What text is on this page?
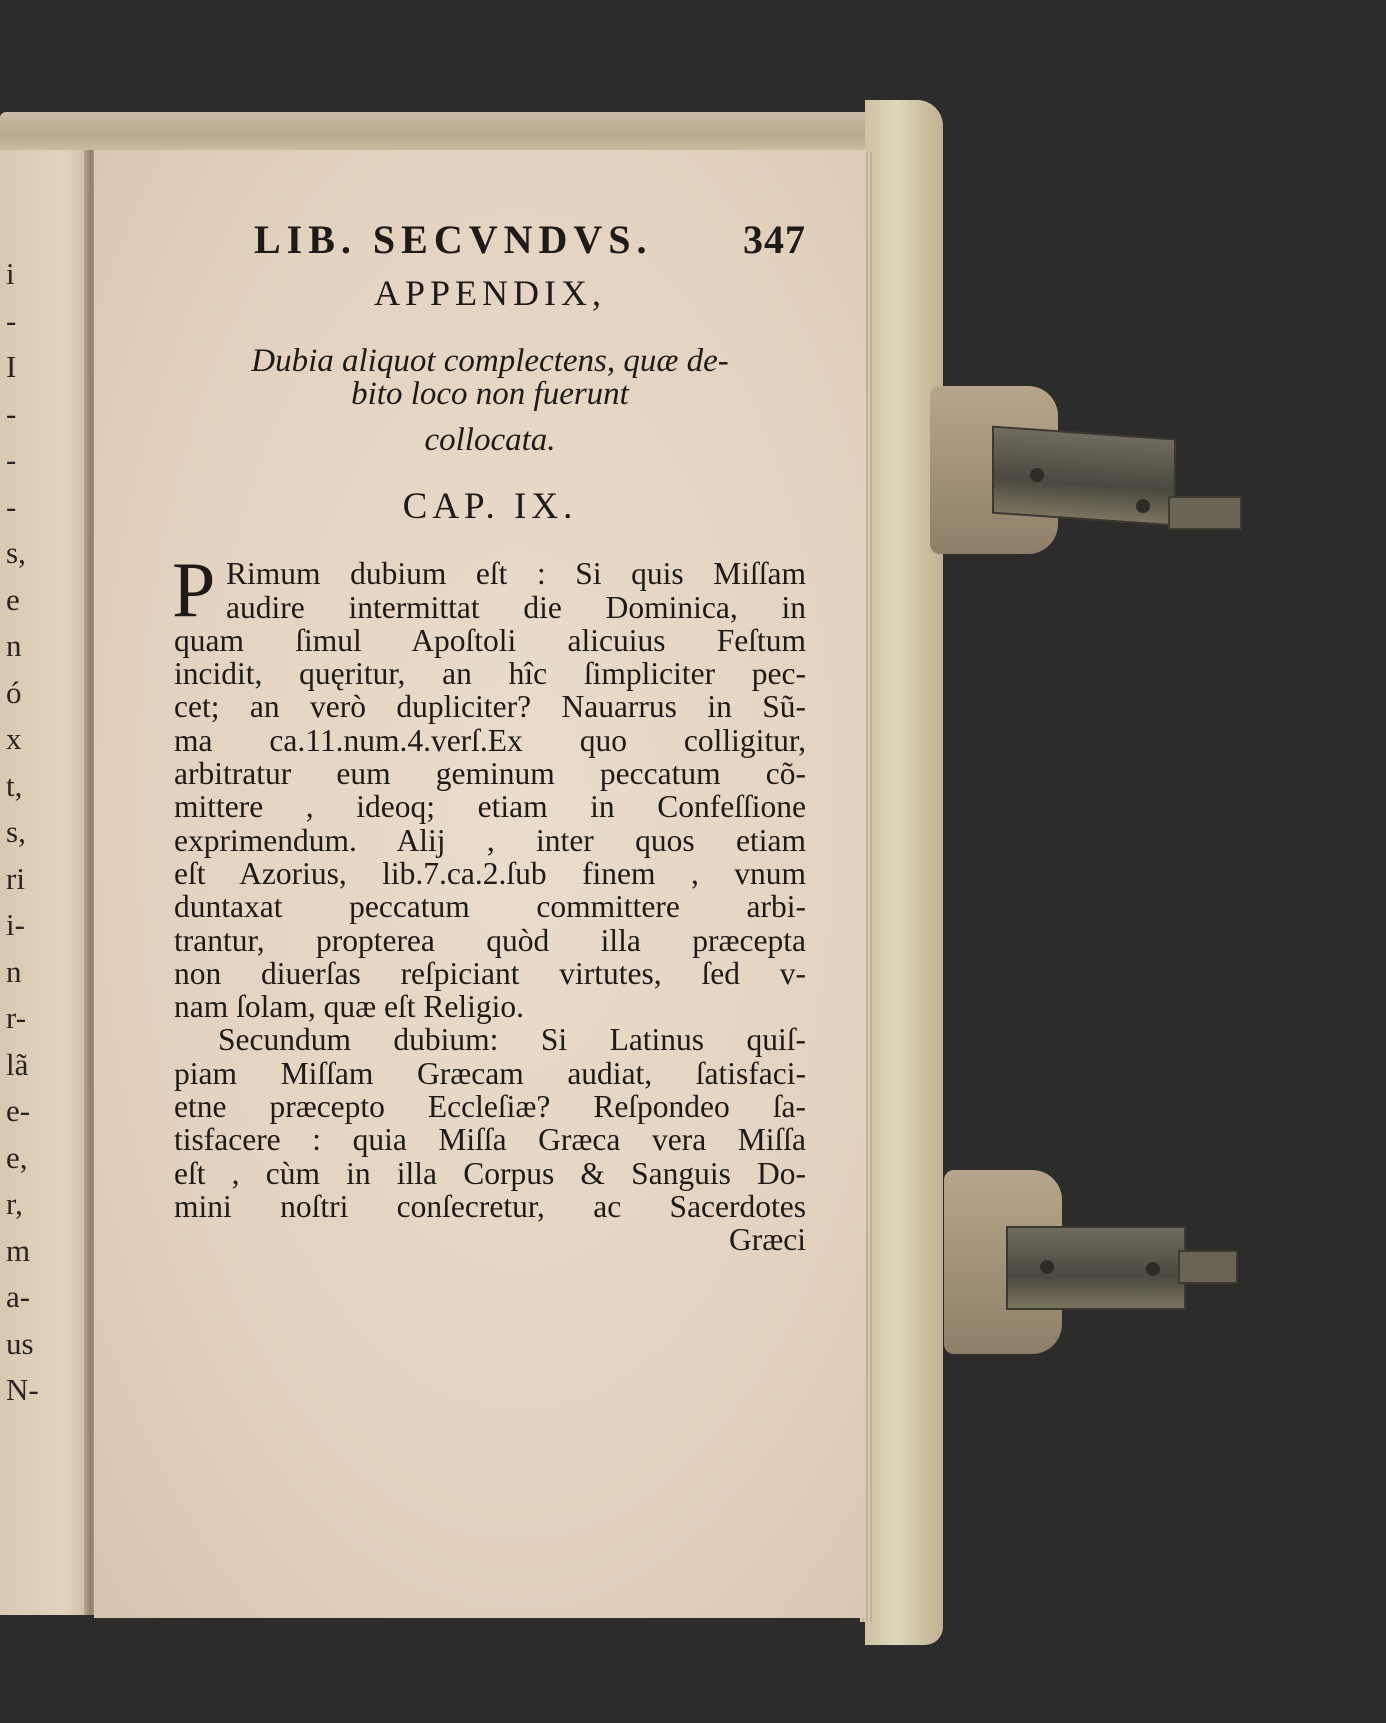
i
-
I
-
-
-
s,
e
n
ó
x
t,
s,
ri
i-
n
r-
lã
e-
e,
r,
m
a-
us
N-
LIB. SECVNDVS. 347
APPENDIX,
Dubia aliquot complectens, quæ de-
bito loco non fuerunt
collocata.
CAP. IX.
P Rimum dubium eſt : Si quis Miſſam
audire intermittat die Dominica, in
quam ſimul Apoſtoli alicuius Feſtum
incidit, quęritur, an hîc ſimpliciter pec-
cet; an verò dupliciter? Nauarrus in Sũ-
ma ca.11.num.4.verſ.Ex quo colligitur,
arbitratur eum geminum peccatum cõ-
mittere , ideoq; etiam in Confeſſione
exprimendum. Alij , inter quos etiam
eſt Azorius, lib.7.ca.2.ſub finem , vnum
duntaxat peccatum committere arbi-
trantur, propterea quòd illa præcepta
non diuerſas reſpiciant virtutes, ſed v-
nam ſolam, quæ eſt Religio.
Secundum dubium: Si Latinus quiſ-
piam Miſſam Græcam audiat, ſatisfaci-
etne præcepto Eccleſiæ? Reſpondeo ſa-
tisfacere : quia Miſſa Græca vera Miſſa
eſt , cùm in illa Corpus & Sanguis Do-
mini noſtri conſecretur, ac Sacerdotes
Græci
